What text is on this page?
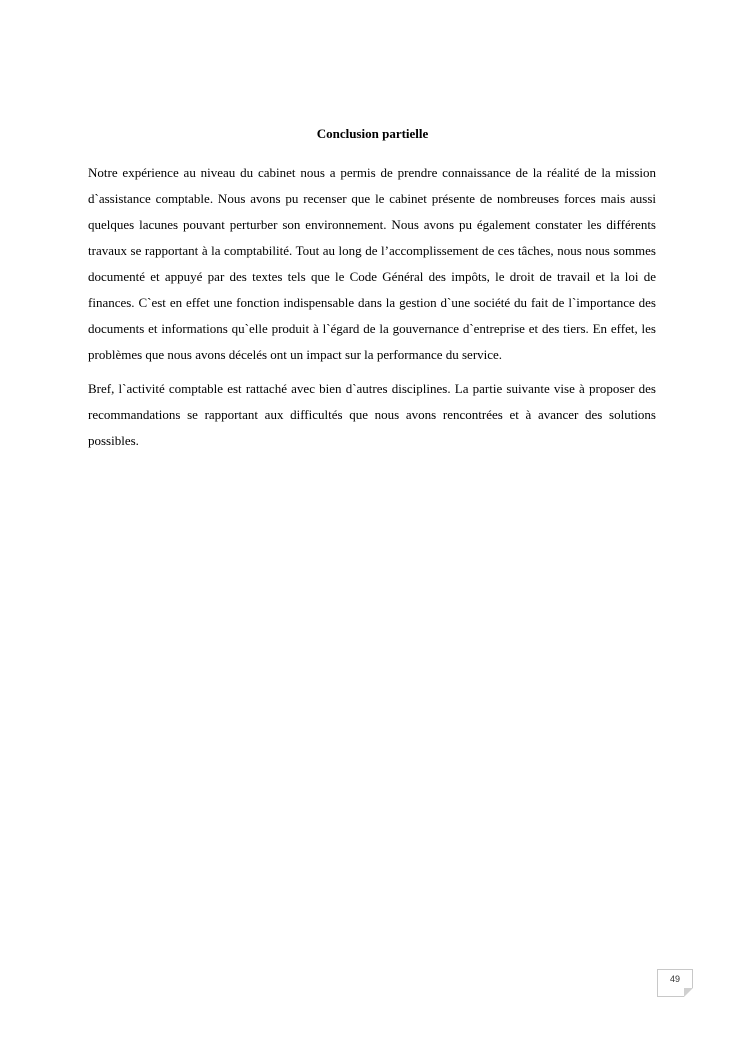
Conclusion partielle

Notre expérience au niveau du cabinet nous a permis de prendre connaissance de la réalité de la mission d`assistance comptable. Nous avons pu recenser que le cabinet présente de nombreuses forces mais aussi quelques lacunes pouvant perturber son environnement. Nous avons pu également constater les différents travaux se rapportant à la comptabilité. Tout au long de l’accomplissement de ces tâches, nous nous sommes documenté et appuyé par des textes tels que le Code Général des impôts, le droit de travail et la loi de finances. C`est en effet une fonction indispensable dans la gestion d`une société du fait de l`importance des documents et informations qu`elle produit à l`égard de la gouvernance d`entreprise et des tiers. En effet, les problèmes que nous avons décelés ont un impact sur la performance du service.

Bref, l`activité comptable est rattaché avec bien d`autres disciplines. La partie suivante vise à proposer des recommandations se rapportant aux difficultés que nous avons rencontrées et à avancer des solutions possibles.

49
